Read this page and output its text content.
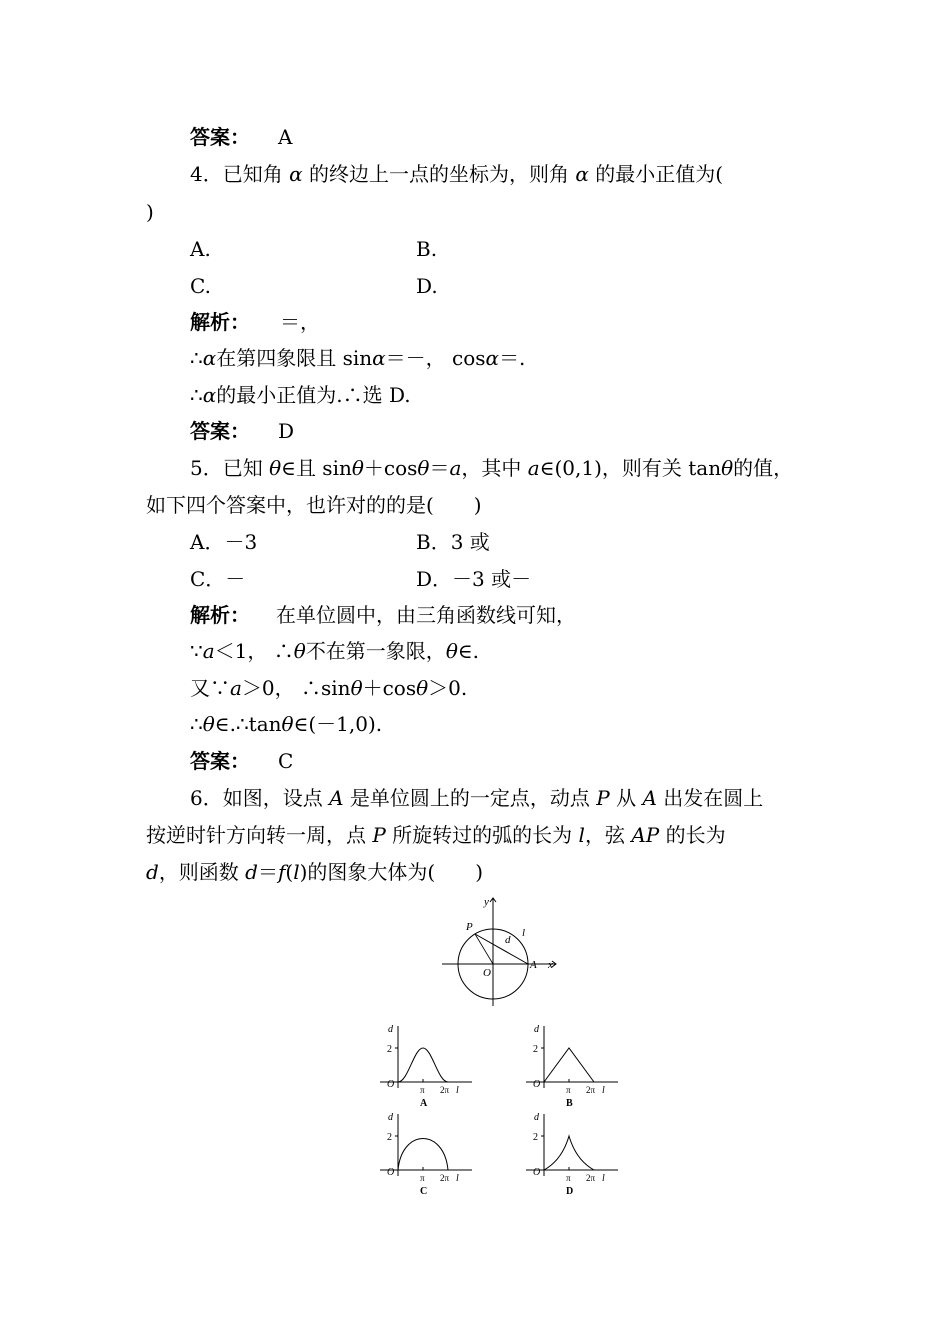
答案： A
4．已知角 α 的终边上一点的坐标为，则角 α 的最小正值为(
)
A.	B.
C.	D.
解析： ＝，
∴α在第四象限且 sinα＝－， cosα＝.
∴α的最小正值为.∴选 D.
答案： D
5．已知 θ∈且 sinθ＋cosθ＝a，其中 a∈(0,1)，则有关 tanθ的值，
如下四个答案中，也许对的的是(　　)
A．－3	B．3 或
C．－	D．－3 或－
解析： 在单位圆中，由三角函数线可知，
∵a＜1， ∴θ不在第一象限，θ∈.
又∵a＞0， ∴sinθ＋cosθ＞0.
∴θ∈.∴tanθ∈(－1,0).
答案： C
6．如图，设点 A 是单位圆上的一定点，动点 P 从 A 出发在圆上
按逆时针方向转一周，点 P 所旋转过的弧的长为 l，弦 AP 的长为
d，则函数 d＝f(l)的图象大体为(　　)
y
x
P
d
l
O
A
d
2
O	π 2π l
A
d
2
O	π 2π l
B
d
2
O	π 2π l
C
d
2
O	π 2π l
D
